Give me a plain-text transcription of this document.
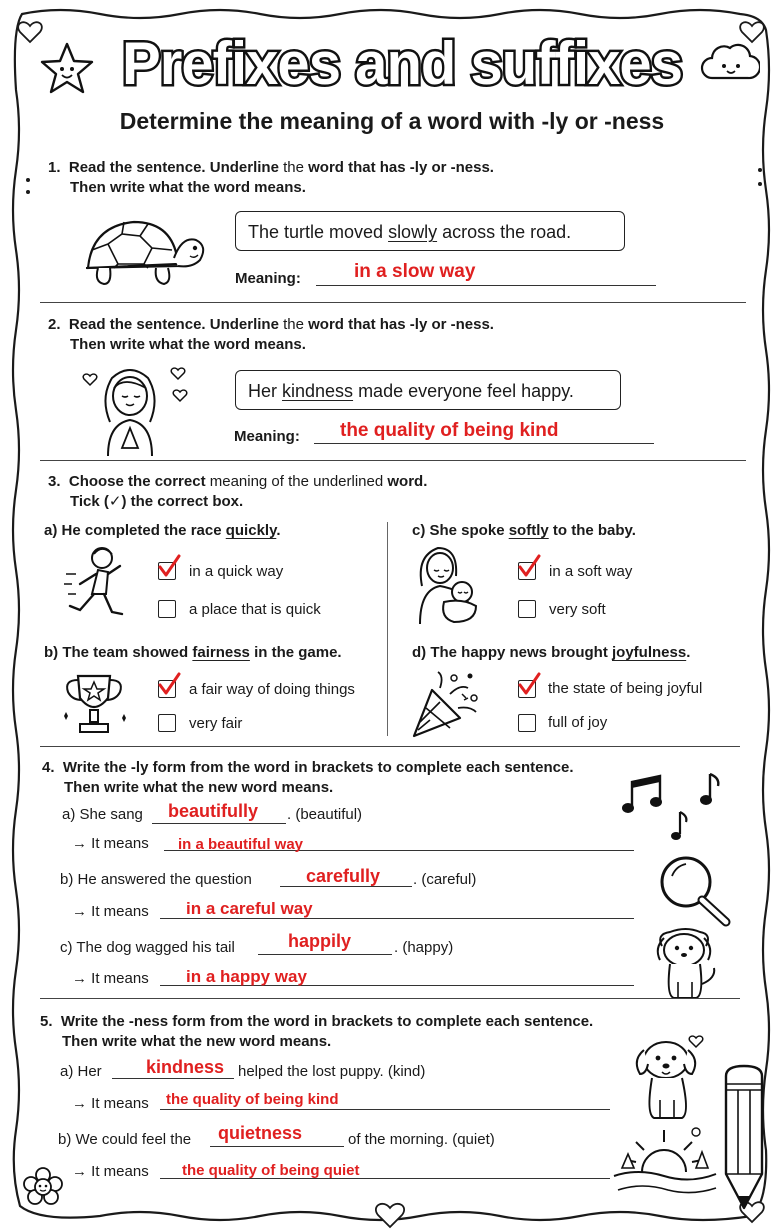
Prefixes and suffixes
Determine the meaning of a word with -ly or -ness
1. Read the sentence. Underline the word that has -ly or -ness.
Then write what the word means.
The turtle moved slowly across the road.
Meaning:	in a slow way
2. Read the sentence. Underline the word that has -ly or -ness.
Then write what the word means.
Her kindness made everyone feel happy.
Meaning: the quality of being kind
3. Choose the correct meaning of the underlined word.
Tick (✓) the correct box.
a) He completed the race quickly.
in a quick way
a place that is quick
b) The team showed fairness in the game.
a fair way of doing things
very fair
c) She spoke softly to the baby.
in a soft way
very soft
d) The happy news brought joyfulness.
the state of being joyful
full of joy
4. Write the -ly form from the word in brackets to complete each sentence.
Then write what the new word means.
a) She sang beautifully . (beautiful)
→ It means in a beautiful way
b) He answered the question	carefully . (careful)
→ It means in a careful way
c) The dog wagged his tail	happily	. (happy)
→ It means in a happy way
5. Write the -ness form from the word in brackets to complete each sentence.
Then write what the new word means.
a) Her kindness helped the lost puppy. (kind)
→ It means the quality of being kind
b) We could feel the quietness	of the morning. (quiet)
→ It means the quality of being quiet
